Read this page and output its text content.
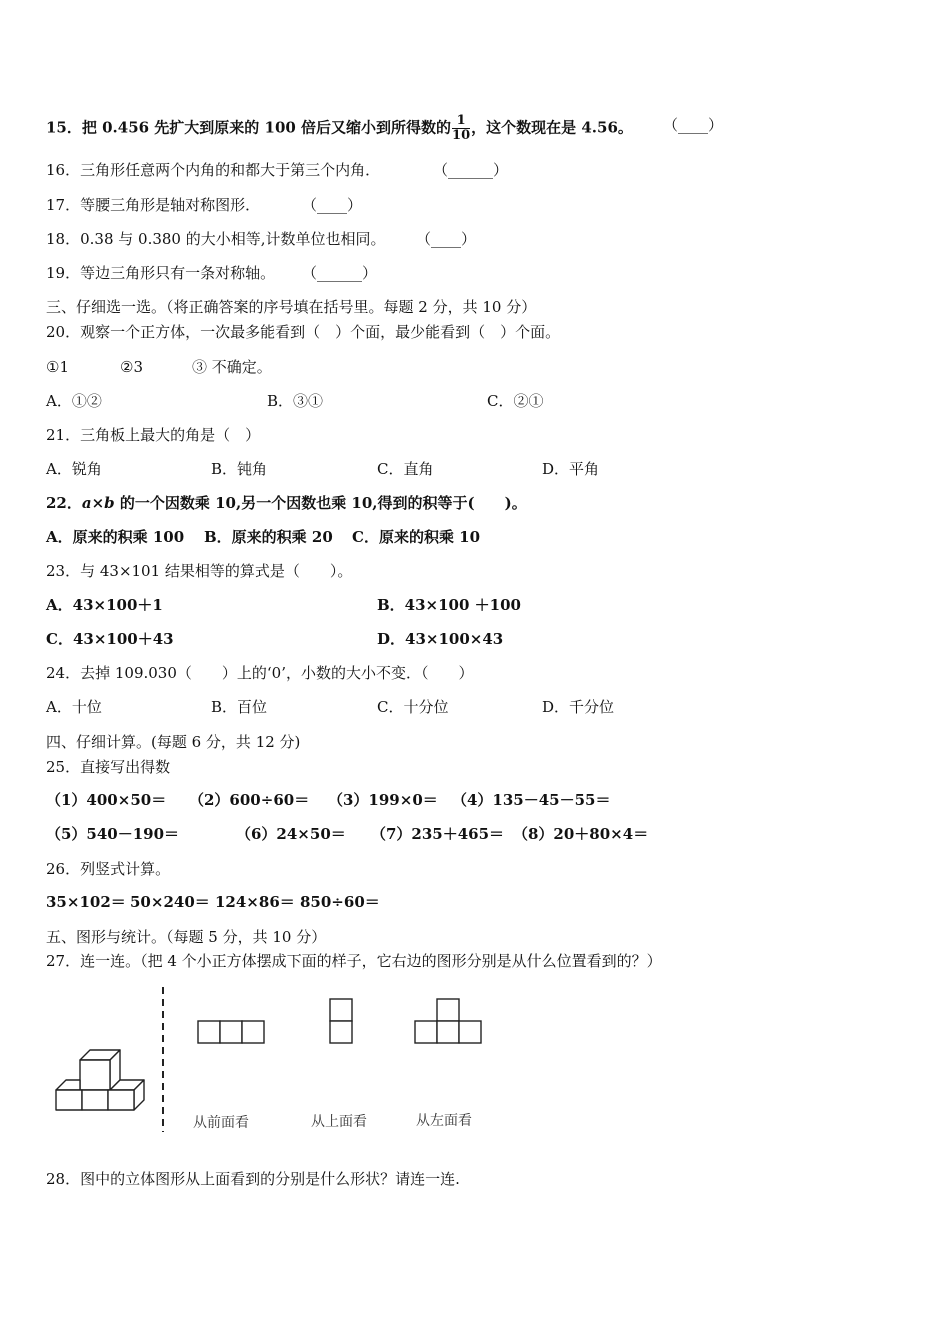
15．把 0.456 先扩大到原来的 100 倍后又缩小到所得数的 $\frac{1}{10}$ ，这个数现在是 4.56。 （____）
16．三角形任意两个内角的和都大于第三个内角．	（______）
17．等腰三角形是轴对称图形．	（____）
18．0.38 与 0.380 的大小相等,计数单位也相同。 （____）
19．等边三角形只有一条对称轴。 （______）
三、仔细选一选。（将正确答案的序号填在括号里。每题 2 分，共 10 分）
20．观察一个正方体，一次最多能看到（　）个面，最少能看到（　）个面。
①1	②3	③ 不确定。
A．①②	B．③①	C．②①
21．三角板上最大的角是（　）
A．锐角	B．钝角	C．直角	D．平角
22．a×b 的一个因数乘 10,另一个因数也乘 10,得到的积等于(　　)。
A．原来的积乘 100 B．原来的积乘 20 C．原来的积乘 10
23．与 43×101 结果相等的算式是（　　）。
A．43×100＋1	B．43×100 ＋100
C．43×100＋43	D．43×100×43
24．去掉 109.030（　　）上的‘0’，小数的大小不变．（　　）
A．十位	B．百位	C．十分位	D．千分位
四、仔细计算。(每题 6 分，共 12 分)
25．直接写出得数
（1）400×50＝ （2）600÷60＝ （3）199×0＝ （4）135－45－55＝
（5）540－190＝	（6）24×50＝ （7）235＋465＝ （8）20＋80×4＝
26．列竖式计算。
35×102＝ 50×240＝ 124×86＝ 850÷60＝
五、图形与统计。（每题 5 分，共 10 分）
27．连一连。（把 4 个小正方体摆成下面的样子，它右边的图形分别是从什么位置看到的？）
从前面看	从上面看	从左面看
28．图中的立体图形从上面看到的分别是什么形状？请连一连.
